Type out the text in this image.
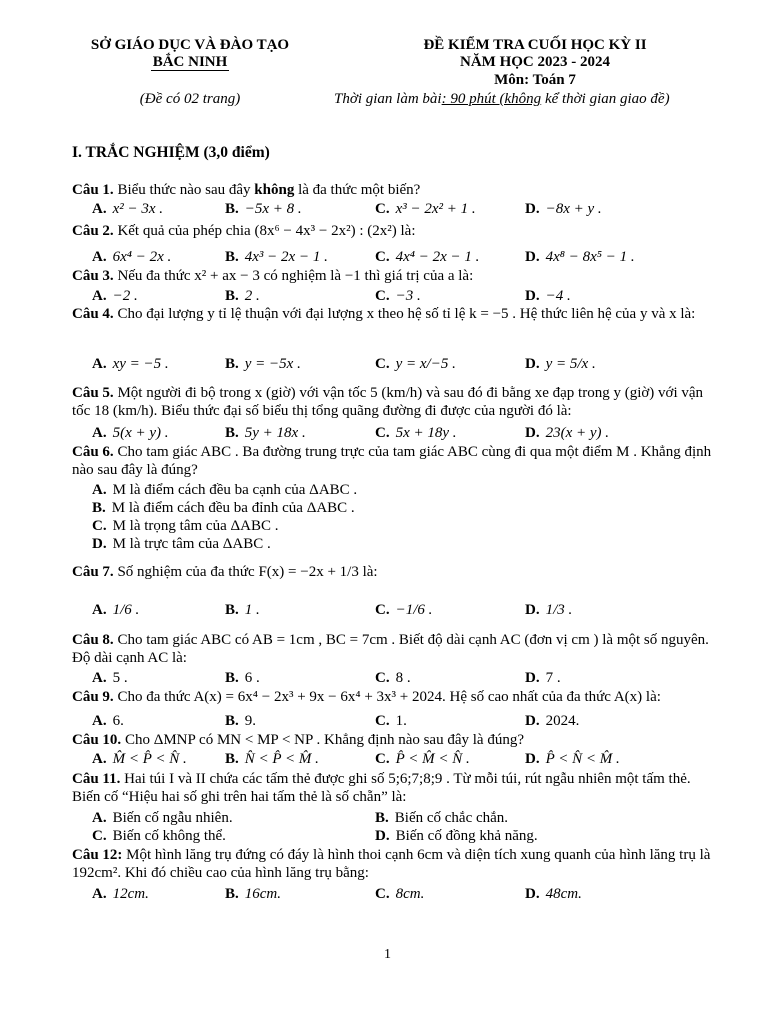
SỞ GIÁO DỤC VÀ ĐÀO TẠO
BẮC NINH
(Đề có 02 trang)
ĐỀ KIỂM TRA CUỐI HỌC KỲ II
NĂM HỌC 2023 - 2024
Môn: Toán 7
Thời gian làm bài: 90 phút (không kể thời gian giao đề)
I. TRẮC NGHIỆM (3,0 điểm)
Câu 1. Biểu thức nào sau đây không là đa thức một biến?
A. x² − 3x .	B. −5x + 8 .	C. x³ − 2x² + 1 .	D. −8x + y .
Câu 2. Kết quả của phép chia (8x⁶ − 4x³ − 2x²) : (2x²) là:
A. 6x⁴ − 2x .	B. 4x³ − 2x − 1 .	C. 4x⁴ − 2x − 1 .	D. 4x⁸ − 8x⁵ − 1 .
Câu 3. Nếu đa thức x² + ax − 3 có nghiệm là −1 thì giá trị của a là:
A. −2 .	B. 2 .	C. −3 .	D. −4 .
Câu 4. Cho đại lượng y tỉ lệ thuận với đại lượng x theo hệ số tỉ lệ k = −5 . Hệ thức liên hệ của y và x là:
A. xy = −5 .	B. y = −5x .	C. y = x/−5 .	D. y = 5/x .
Câu 5. Một người đi bộ trong x (giờ) với vận tốc 5 (km/h) và sau đó đi bằng xe đạp trong y (giờ) với vận tốc 18 (km/h). Biểu thức đại số biểu thị tổng quãng đường đi được của người đó là:
A. 5(x + y) .	B. 5y + 18x .	C. 5x + 18y .	D. 23(x + y) .
Câu 6. Cho tam giác ABC . Ba đường trung trực của tam giác ABC cùng đi qua một điểm M . Khẳng định nào sau đây là đúng?
A. M là điểm cách đều ba cạnh của ΔABC .
B. M là điểm cách đều ba đỉnh của ΔABC .
C. M là trọng tâm của ΔABC .
D. M là trực tâm của ΔABC .
Câu 7. Số nghiệm của đa thức F(x) = −2x + 1/3 là:
A. 1/6 .	B. 1 .	C. −1/6 .	D. 1/3 .
Câu 8. Cho tam giác ABC có AB = 1cm , BC = 7cm . Biết độ dài cạnh AC (đơn vị cm ) là một số nguyên. Độ dài cạnh AC là:
A. 5 .	B. 6 .	C. 8 .	D. 7 .
Câu 9. Cho đa thức A(x) = 6x⁴ − 2x³ + 9x − 6x⁴ + 3x³ + 2024. Hệ số cao nhất của đa thức A(x) là:
A. 6.	B. 9.	C. 1.	D. 2024.
Câu 10. Cho ΔMNP có MN < MP < NP . Khẳng định nào sau đây là đúng?
A. M̂ < P̂ < N̂ .	B. N̂ < P̂ < M̂ .	C. P̂ < M̂ < N̂ .	D. P̂ < N̂ < M̂ .
Câu 11. Hai túi I và II chứa các tấm thẻ được ghi số 5;6;7;8;9 . Từ mỗi túi, rút ngẫu nhiên một tấm thẻ. Biến cố “Hiệu hai số ghi trên hai tấm thẻ là số chẵn” là:
A. Biến cố ngẫu nhiên.	B. Biến cố chắc chắn.
C. Biến cố không thể.	D. Biến cố đồng khả năng.
Câu 12: Một hình lăng trụ đứng có đáy là hình thoi cạnh 6cm và diện tích xung quanh của hình lăng trụ là 192cm². Khi đó chiều cao của hình lăng trụ bằng:
A. 12cm.	B. 16cm.	C. 8cm.	D. 48cm.
1
